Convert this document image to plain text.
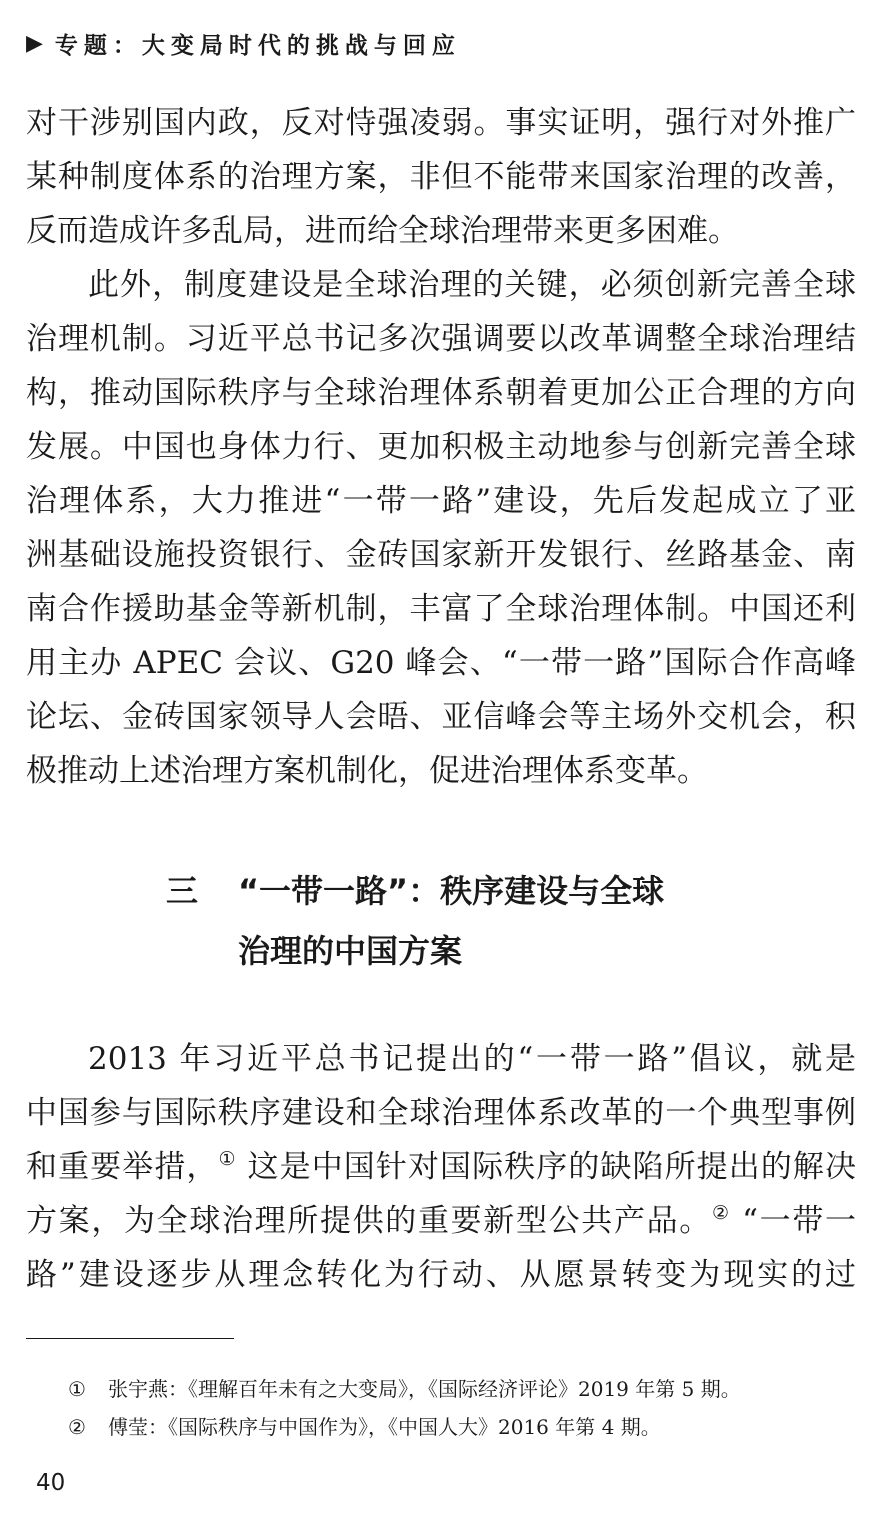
▶ 专题：大变局时代的挑战与回应
对干涉别国内政，反对恃强凌弱。事实证明，强行对外推广
某种制度体系的治理方案，非但不能带来国家治理的改善，
反而造成许多乱局，进而给全球治理带来更多困难。
此外，制度建设是全球治理的关键，必须创新完善全球
治理机制。习近平总书记多次强调要以改革调整全球治理结
构，推动国际秩序与全球治理体系朝着更加公正合理的方向
发展。中国也身体力行、更加积极主动地参与创新完善全球
治理体系，大力推进“一带一路”建设，先后发起成立了亚
洲基础设施投资银行、金砖国家新开发银行、丝路基金、南
南合作援助基金等新机制，丰富了全球治理体制。中国还利
用主办 APEC 会议、G20 峰会、“一带一路”国际合作高峰
论坛、金砖国家领导人会晤、亚信峰会等主场外交机会，积
极推动上述治理方案机制化，促进治理体系变革。
三 “一带一路”：秩序建设与全球
治理的中国方案
2013 年习近平总书记提出的“一带一路”倡议，就是
中国参与国际秩序建设和全球治理体系改革的一个典型事例
和重要举措，① 这是中国针对国际秩序的缺陷所提出的解决
方案，为全球治理所提供的重要新型公共产品。② “一带一
路”建设逐步从理念转化为行动、从愿景转变为现实的过
① 张宇燕：《理解百年未有之大变局》，《国际经济评论》2019 年第 5 期。
② 傅莹：《国际秩序与中国作为》，《中国人大》2016 年第 4 期。
40
